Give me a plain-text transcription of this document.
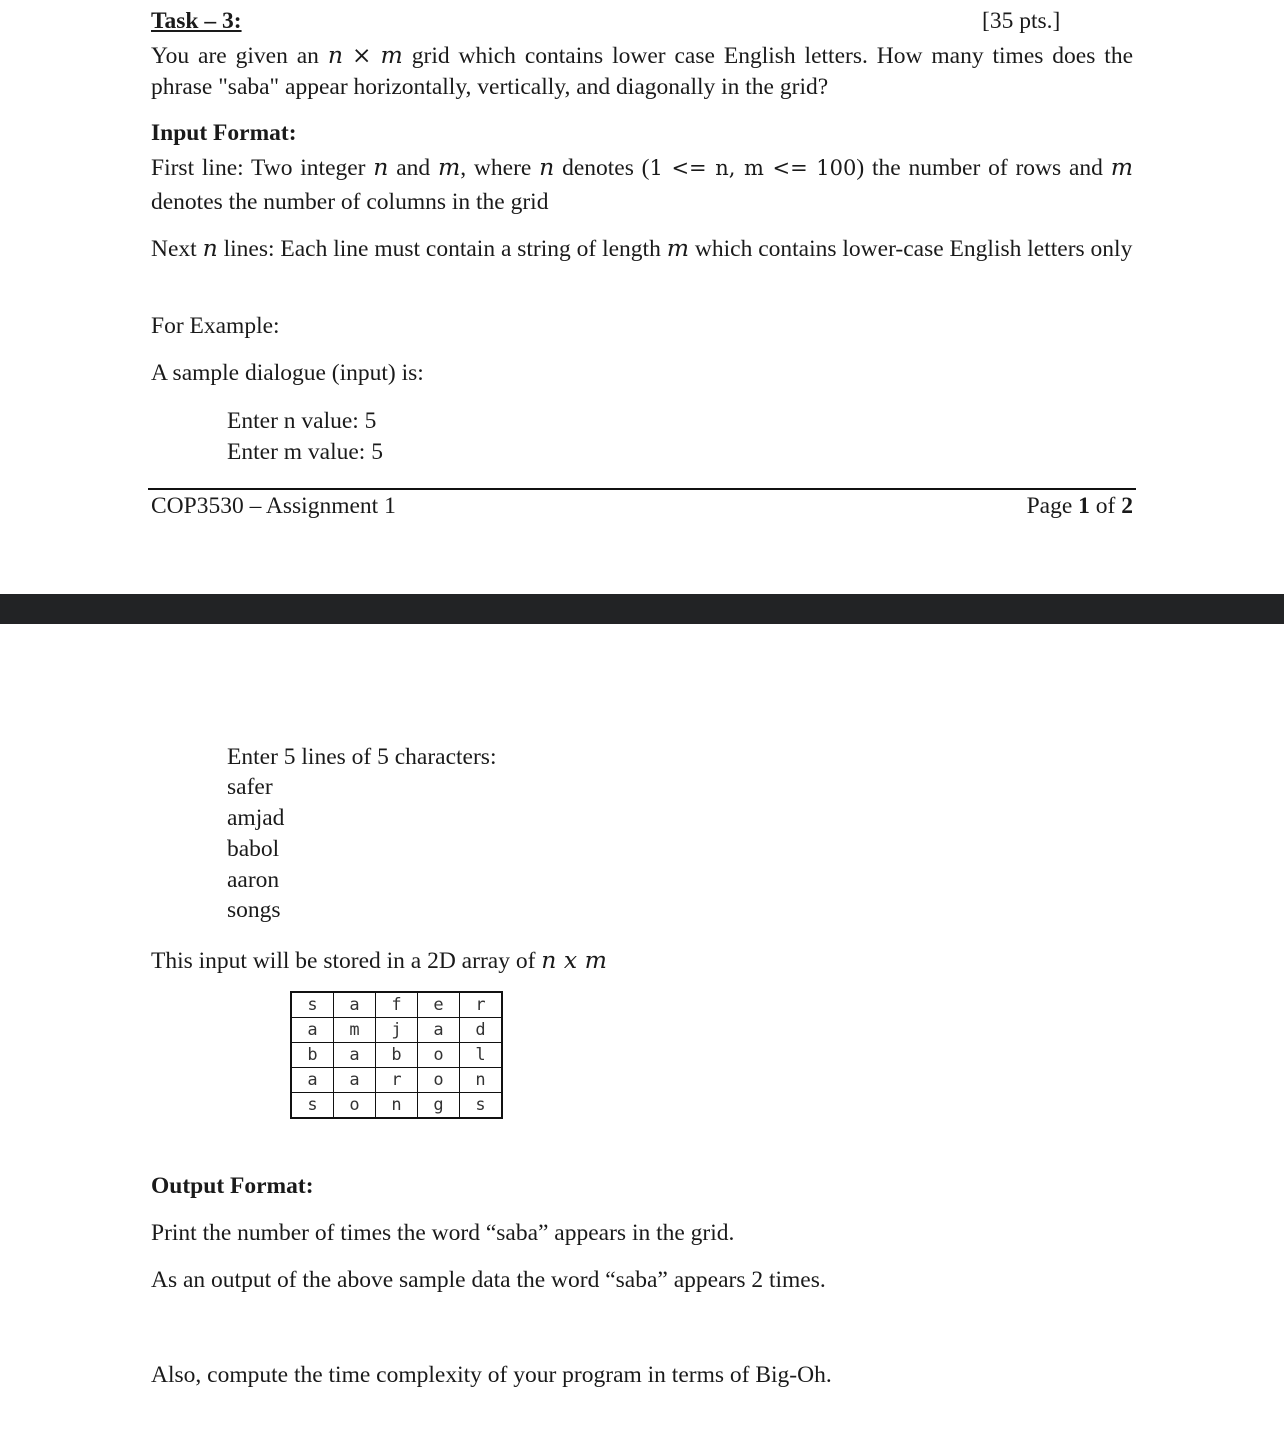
Task – 3:	[35 pts.]
You are given an n × m grid which contains lower case English letters. How many times does the phrase "saba" appear horizontally, vertically, and diagonally in the grid?
Input Format:
First line: Two integer n and m, where n denotes (1 <= n, m <= 100) the number of rows and m denotes the number of columns in the grid
Next n lines: Each line must contain a string of length m which contains lower-case English letters only
For Example:
A sample dialogue (input) is:
Enter n value: 5
Enter m value: 5
COP3530 – Assignment 1	Page 1 of 2
Enter 5 lines of 5 characters:
safer
amjad
babol
aaron
songs
This input will be stored in a 2D array of n x m
s	a	f	e	r
a	m	j	a	d
b	a	b	o	l
a	a	r	o	n
s	o	n	g	s
Output Format:
Print the number of times the word “saba” appears in the grid.
As an output of the above sample data the word “saba” appears 2 times.
Also, compute the time complexity of your program in terms of Big-Oh.
